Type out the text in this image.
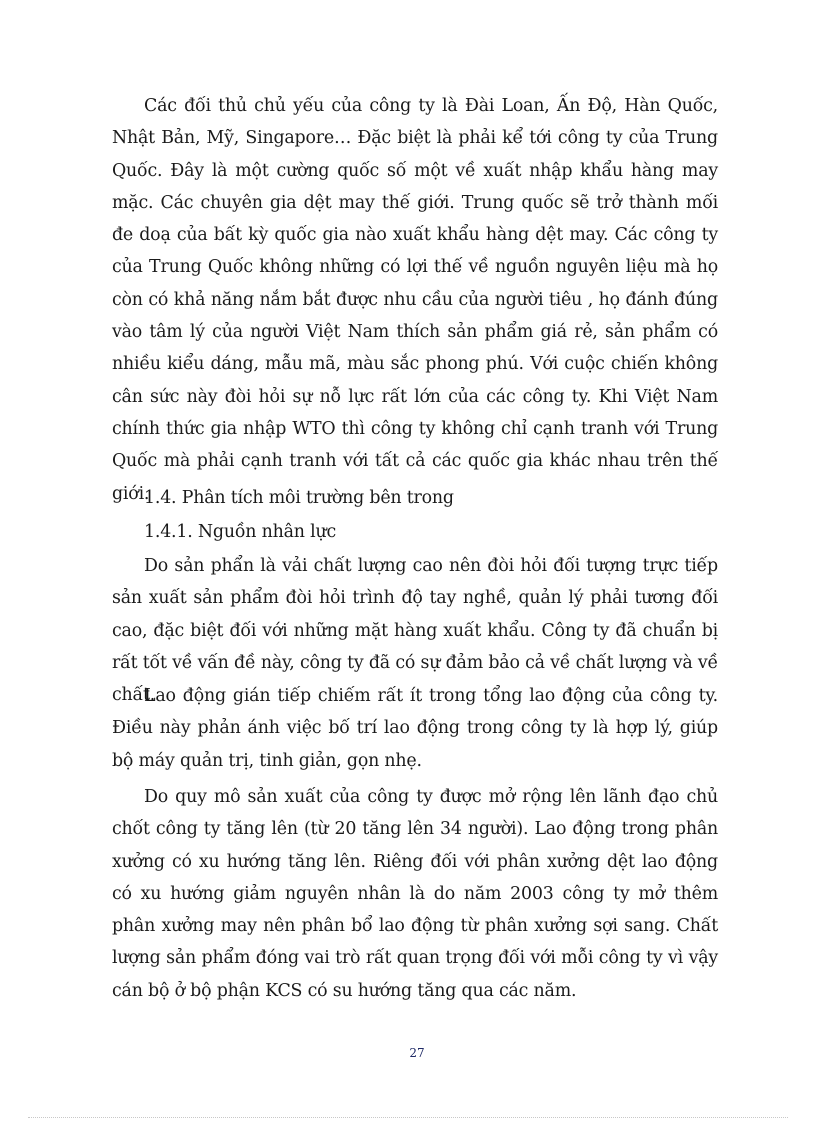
Các đối thủ chủ yếu của công ty là Đài Loan, Ấn Độ, Hàn Quốc, Nhật Bản, Mỹ, Singapore… Đặc biệt là phải kể tới công ty của Trung Quốc. Đây là một cường quốc số một về xuất nhập khẩu hàng may mặc. Các chuyên gia dệt may thế giới. Trung quốc sẽ trở thành mối đe doạ của bất kỳ quốc gia nào xuất khẩu hàng dệt may. Các công ty của Trung Quốc không những có lợi thế về nguồn nguyên liệu mà họ còn có khả năng nắm bắt được nhu cầu của người tiêu , họ đánh đúng vào tâm lý của người Việt Nam thích sản phẩm giá rẻ, sản phẩm có nhiều kiểu dáng, mẫu mã, màu sắc phong phú. Với cuộc chiến không cân sức này đòi hỏi sự nỗ lực rất lớn của các công ty. Khi Việt Nam chính thức gia nhập WTO thì công ty không chỉ cạnh tranh với Trung Quốc mà phải cạnh tranh với tất cả các quốc gia khác nhau trên thế giới.

1.4. Phân tích môi trường bên trong

1.4.1. Nguồn nhân lực

Do sản phẩn là vải chất lượng cao nên đòi hỏi đối tượng trực tiếp sản xuất sản phẩm đòi hỏi trình độ tay nghề, quản lý phải tương đối cao, đặc biệt đối với những mặt hàng xuất khẩu. Công ty đã chuẩn bị rất tốt về vấn đề này, công ty đã có sự đảm bảo cả về chất lượng và về chất.

Lao động gián tiếp chiếm rất ít trong tổng lao động của công ty. Điều này phản ánh việc bố trí lao động trong công ty là hợp lý, giúp bộ máy quản trị, tinh giản, gọn nhẹ.

Do quy mô sản xuất của công ty được mở rộng lên lãnh đạo chủ chốt công ty tăng lên (từ 20 tăng lên 34 người). Lao động trong phân xưởng có xu hướng tăng lên. Riêng đối với phân xưởng dệt lao động có xu hướng giảm nguyên nhân là do năm 2003 công ty mở thêm phân xưởng may nên phân bổ lao động từ phân xưởng sợi sang. Chất lượng sản phẩm đóng vai trò rất quan trọng đối với mỗi công ty vì vậy cán bộ ở bộ phận KCS có su hướng tăng qua các năm.

27
